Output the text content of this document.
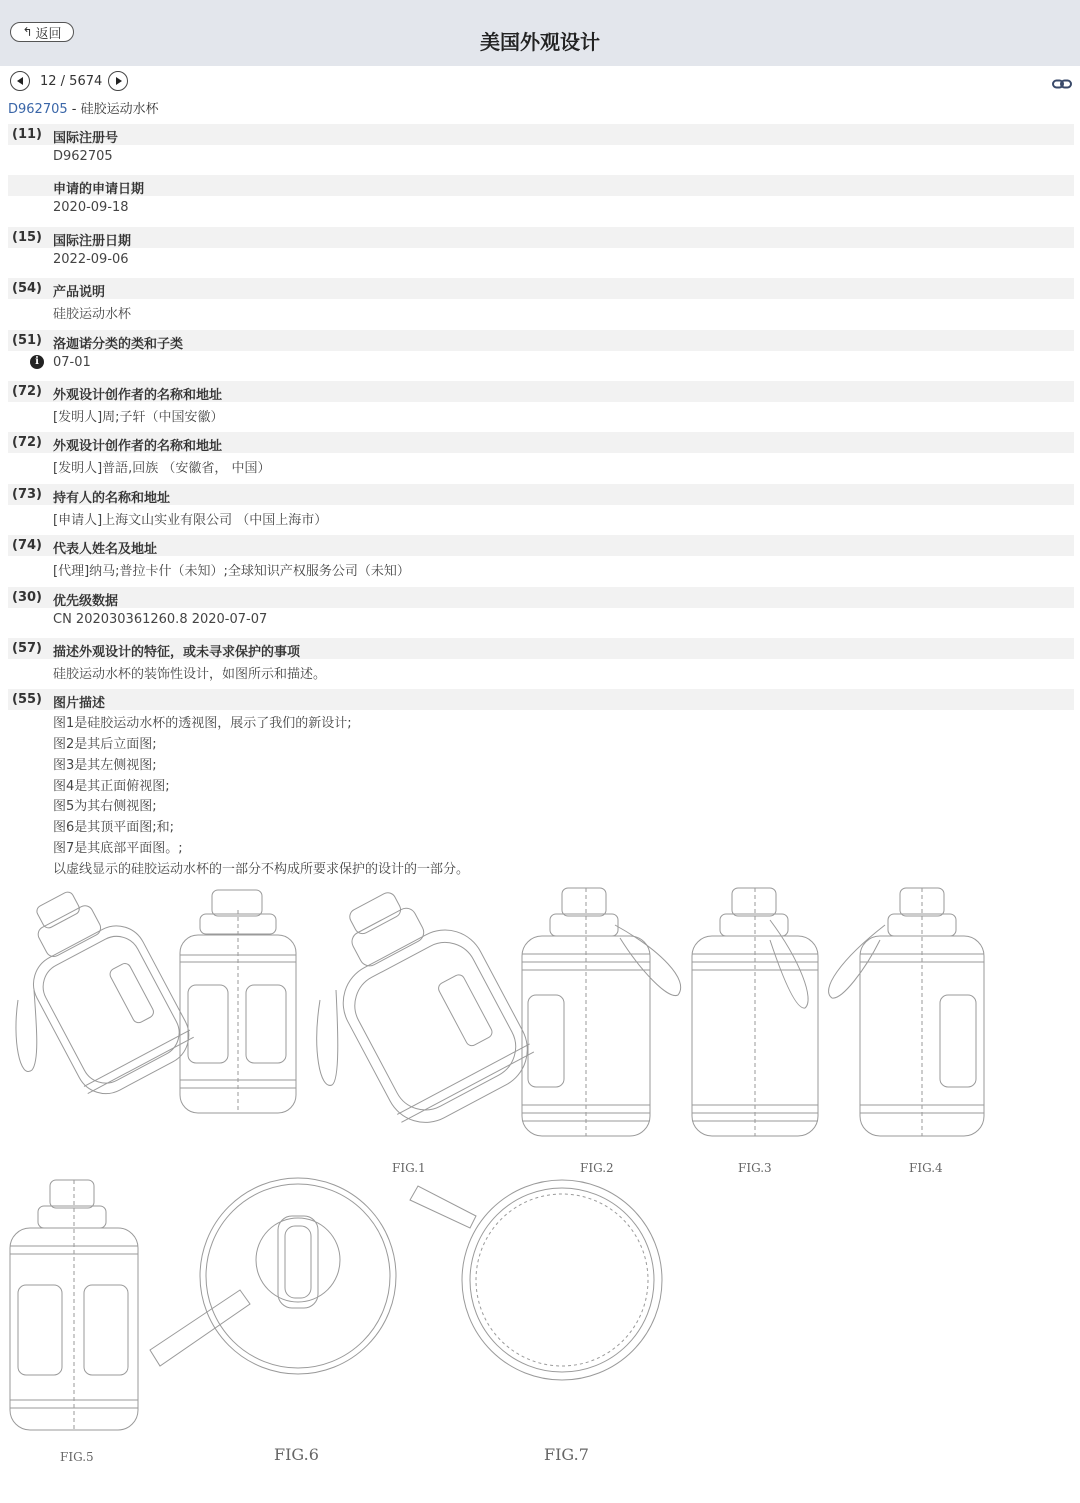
↰ 返回	美国外观设计
12 / 5674
D962705 - 硅胶运动水杯
(11) 国际注册号
D962705
申请的申请日期
2020-09-18
(15) 国际注册日期
2022-09-06
(54) 产品说明
硅胶运动水杯
(51) 洛迦诺分类的类和子类
i	07-01
(72) 外观设计创作者的名称和地址
[发明人]周;子轩（中国安徽）
(72) 外观设计创作者的名称和地址
[发明人]普語,回族 （安徽省， 中国）
(73) 持有人的名称和地址
[申请人]上海文山实业有限公司 （中国上海市）
(74) 代表人姓名及地址
[代理]纳马;普拉卡什（未知）;全球知识产权服务公司（未知）
(30) 优先级数据
CN 202030361260.8 2020-07-07
(57) 描述外观设计的特征，或未寻求保护的事项
硅胶运动水杯的装饰性设计，如图所示和描述。
(55) 图片描述
图1是硅胶运动水杯的透视图，展示了我们的新设计;
图2是其后立面图;
图3是其左侧视图;
图4是其正面俯视图;
图5为其右侧视图;
图6是其顶平面图;和;
图7是其底部平面图。;
以虚线显示的硅胶运动水杯的一部分不构成所要求保护的设计的一部分。
FIG.1	FIG.2	FIG.3	FIG.4
FIG.5	FIG.6	FIG.7
